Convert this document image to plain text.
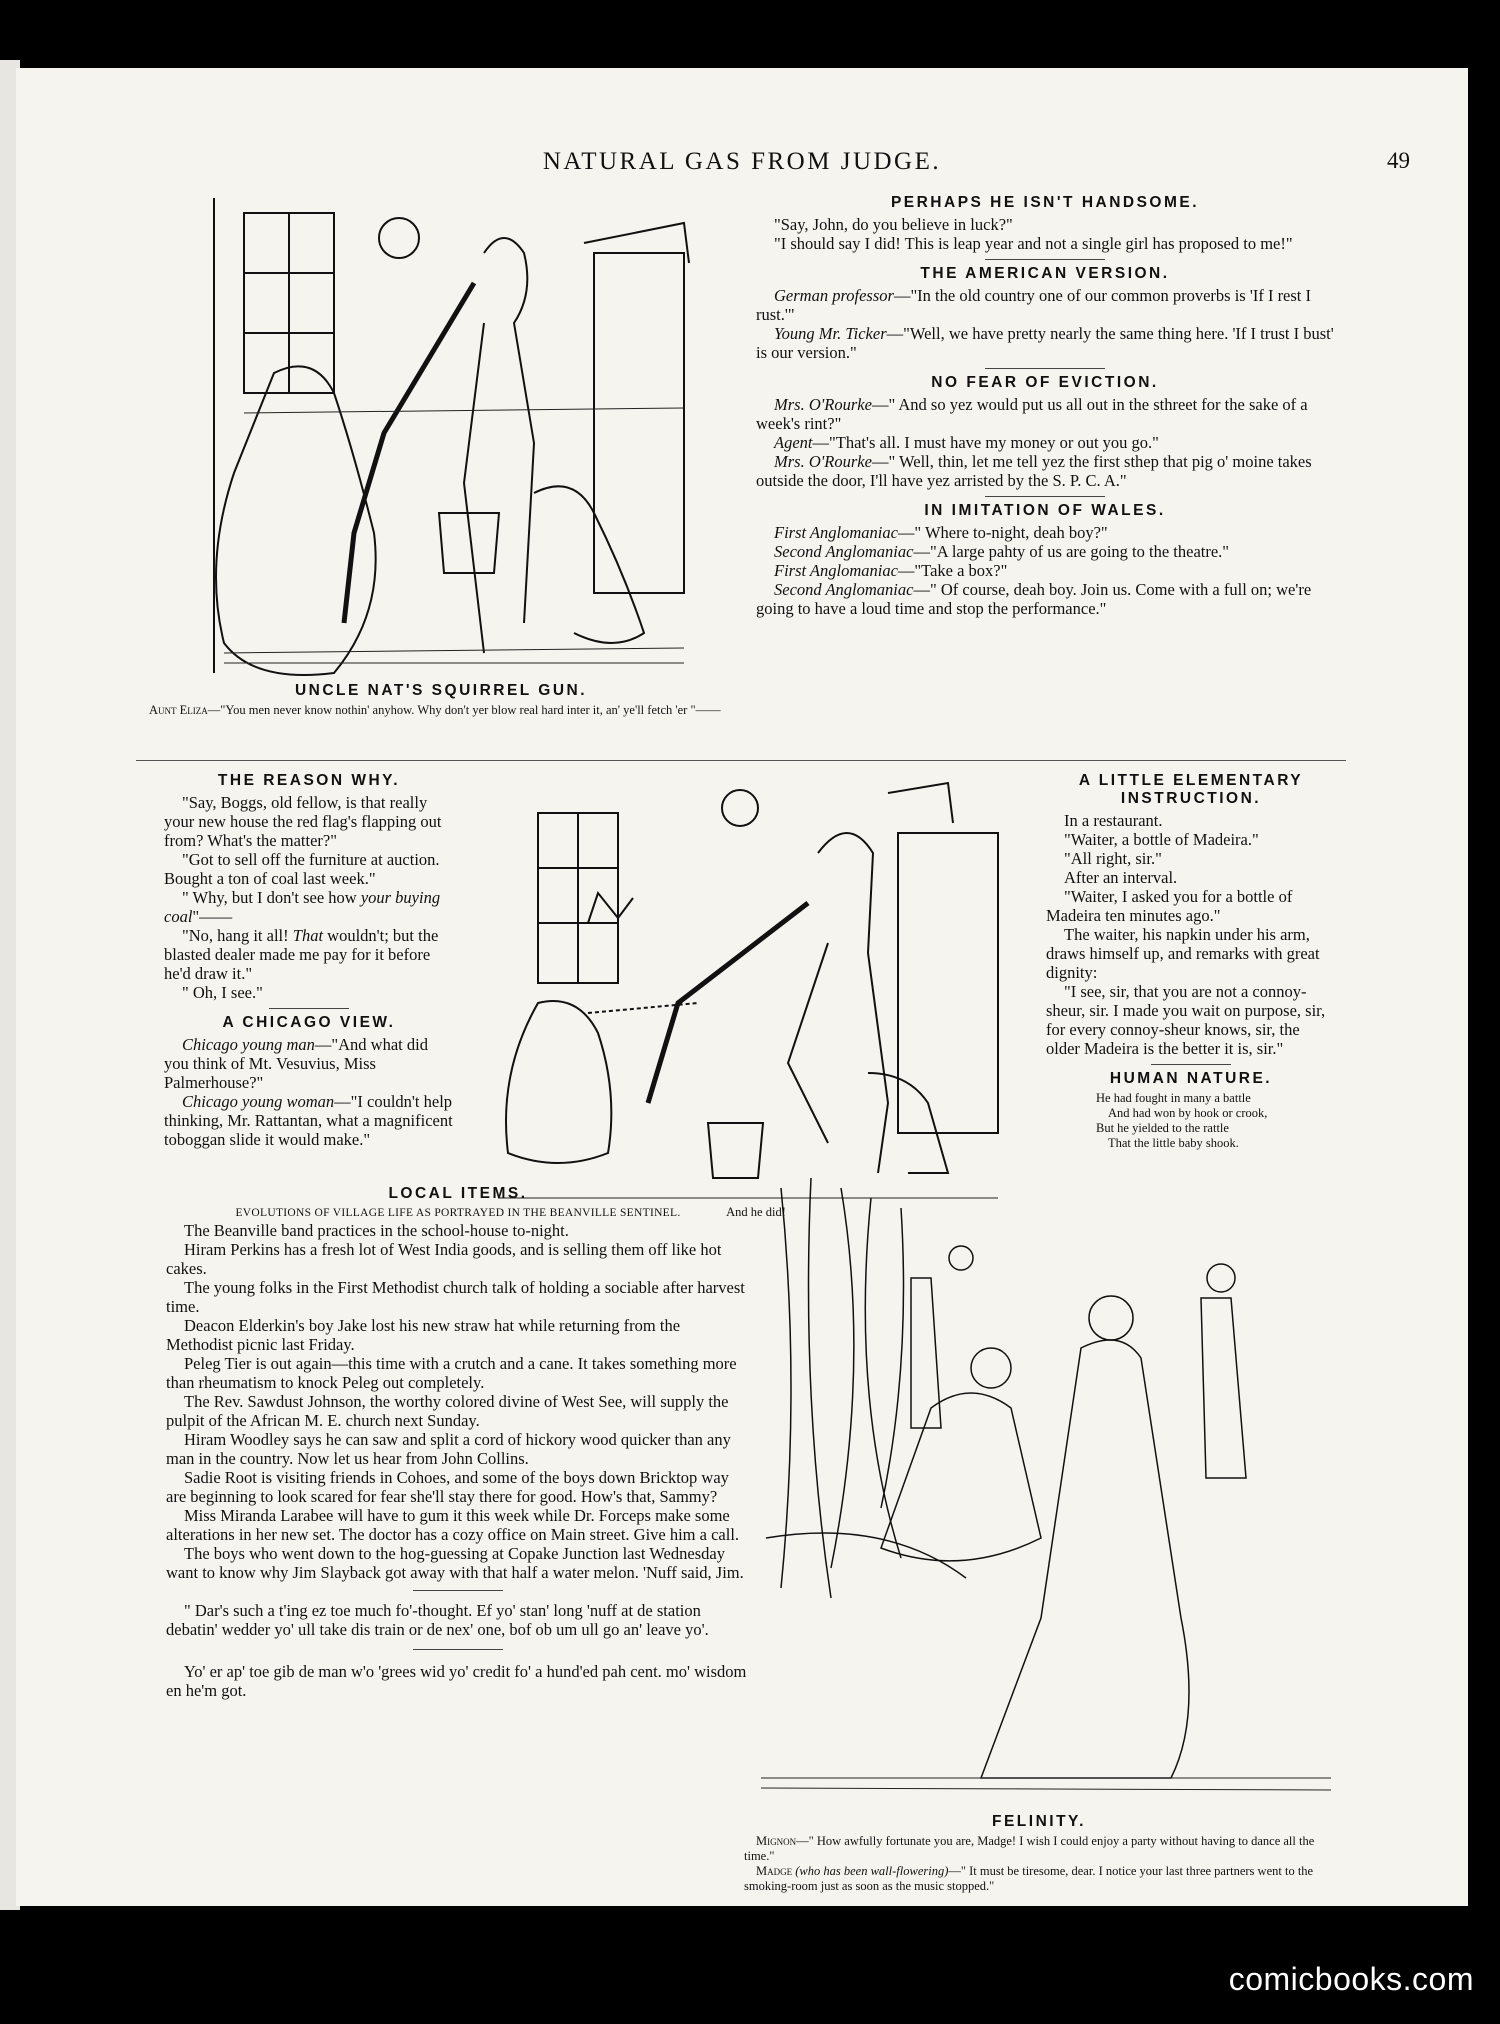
NATURAL GAS FROM JUDGE.	49
UNCLE NAT'S SQUIRREL GUN.

Aunt Eliza—"You men never know nothin' anyhow. Why don't yer blow real hard inter it, an' ye'll fetch 'er "——

PERHAPS HE ISN'T HANDSOME.

"Say, John, do you believe in luck?"

"I should say I did! This is leap year and not a single girl has proposed to me!"

THE AMERICAN VERSION.

German professor—"In the old country one of our common proverbs is 'If I rest I rust.'"

Young Mr. Ticker—"Well, we have pretty nearly the same thing here. 'If I trust I bust' is our version."

NO FEAR OF EVICTION.

Mrs. O'Rourke—" And so yez would put us all out in the sthreet for the sake of a week's rint?"

Agent—"That's all. I must have my money or out you go."

Mrs. O'Rourke—" Well, thin, let me tell yez the first sthep that pig o' moine takes outside the door, I'll have yez arristed by the S. P. C. A."

IN IMITATION OF WALES.

First Anglomaniac—" Where to-night, deah boy?"

Second Anglomaniac—"A large pahty of us are going to the theatre."

First Anglomaniac—"Take a box?"

Second Anglomaniac—" Of course, deah boy. Join us. Come with a full on; we're going to have a loud time and stop the performance."

THE REASON WHY.

"Say, Boggs, old fellow, is that really your new house the red flag's flapping out from? What's the matter?"

"Got to sell off the furniture at auction. Bought a ton of coal last week."

" Why, but I don't see how your buying coal"——

"No, hang it all! That wouldn't; but the blasted dealer made me pay for it before he'd draw it."

" Oh, I see."

A CHICAGO VIEW.

Chicago young man—"And what did you think of Mt. Vesuvius, Miss Palmerhouse?"

Chicago young woman—"I couldn't help thinking, Mr. Rattantan, what a magnificent toboggan slide it would make."

And he did!

A LITTLE ELEMENTARY INSTRUCTION.

In a restaurant.

"Waiter, a bottle of Madeira."

"All right, sir."

After an interval.

"Waiter, I asked you for a bottle of Madeira ten minutes ago."

The waiter, his napkin under his arm, draws himself up, and remarks with great dignity:

"I see, sir, that you are not a connoy-sheur, sir. I made you wait on purpose, sir, for every connoy-sheur knows, sir, the older Madeira is the better it is, sir."

HUMAN NATURE.

He had fought in many a battle

And had won by hook or crook,

But he yielded to the rattle

That the little baby shook.

LOCAL ITEMS.

EVOLUTIONS OF VILLAGE LIFE AS PORTRAYED IN THE BEANVILLE SENTINEL.

The Beanville band practices in the school-house to-night.

Hiram Perkins has a fresh lot of West India goods, and is selling them off like hot cakes.

The young folks in the First Methodist church talk of holding a sociable after harvest time.

Deacon Elderkin's boy Jake lost his new straw hat while returning from the Methodist picnic last Friday.

Peleg Tier is out again—this time with a crutch and a cane. It takes something more than rheumatism to knock Peleg out completely.

The Rev. Sawdust Johnson, the worthy colored divine of West See, will supply the pulpit of the African M. E. church next Sunday.

Hiram Woodley says he can saw and split a cord of hickory wood quicker than any man in the country. Now let us hear from John Collins.

Sadie Root is visiting friends in Cohoes, and some of the boys down Bricktop way are beginning to look scared for fear she'll stay there for good. How's that, Sammy?

Miss Miranda Larabee will have to gum it this week while Dr. Forceps make some alterations in her new set. The doctor has a cozy office on Main street. Give him a call.

The boys who went down to the hog-guessing at Copake Junction last Wednesday want to know why Jim Slayback got away with that half a water melon. 'Nuff said, Jim.

" Dar's such a t'ing ez toe much fo'-thought. Ef yo' stan' long 'nuff at de station debatin' wedder yo' ull take dis train or de nex' one, bof ob um ull go an' leave yo'.

Yo' er ap' toe gib de man w'o 'grees wid yo' credit fo' a hund'ed pah cent. mo' wisdom en he'm got.

FELINITY.

Mignon—" How awfully fortunate you are, Madge! I wish I could enjoy a party without having to dance all the time."

Madge (who has been wall-flowering)—" It must be tiresome, dear. I notice your last three partners went to the smoking-room just as soon as the music stopped."

comicbooks.com
